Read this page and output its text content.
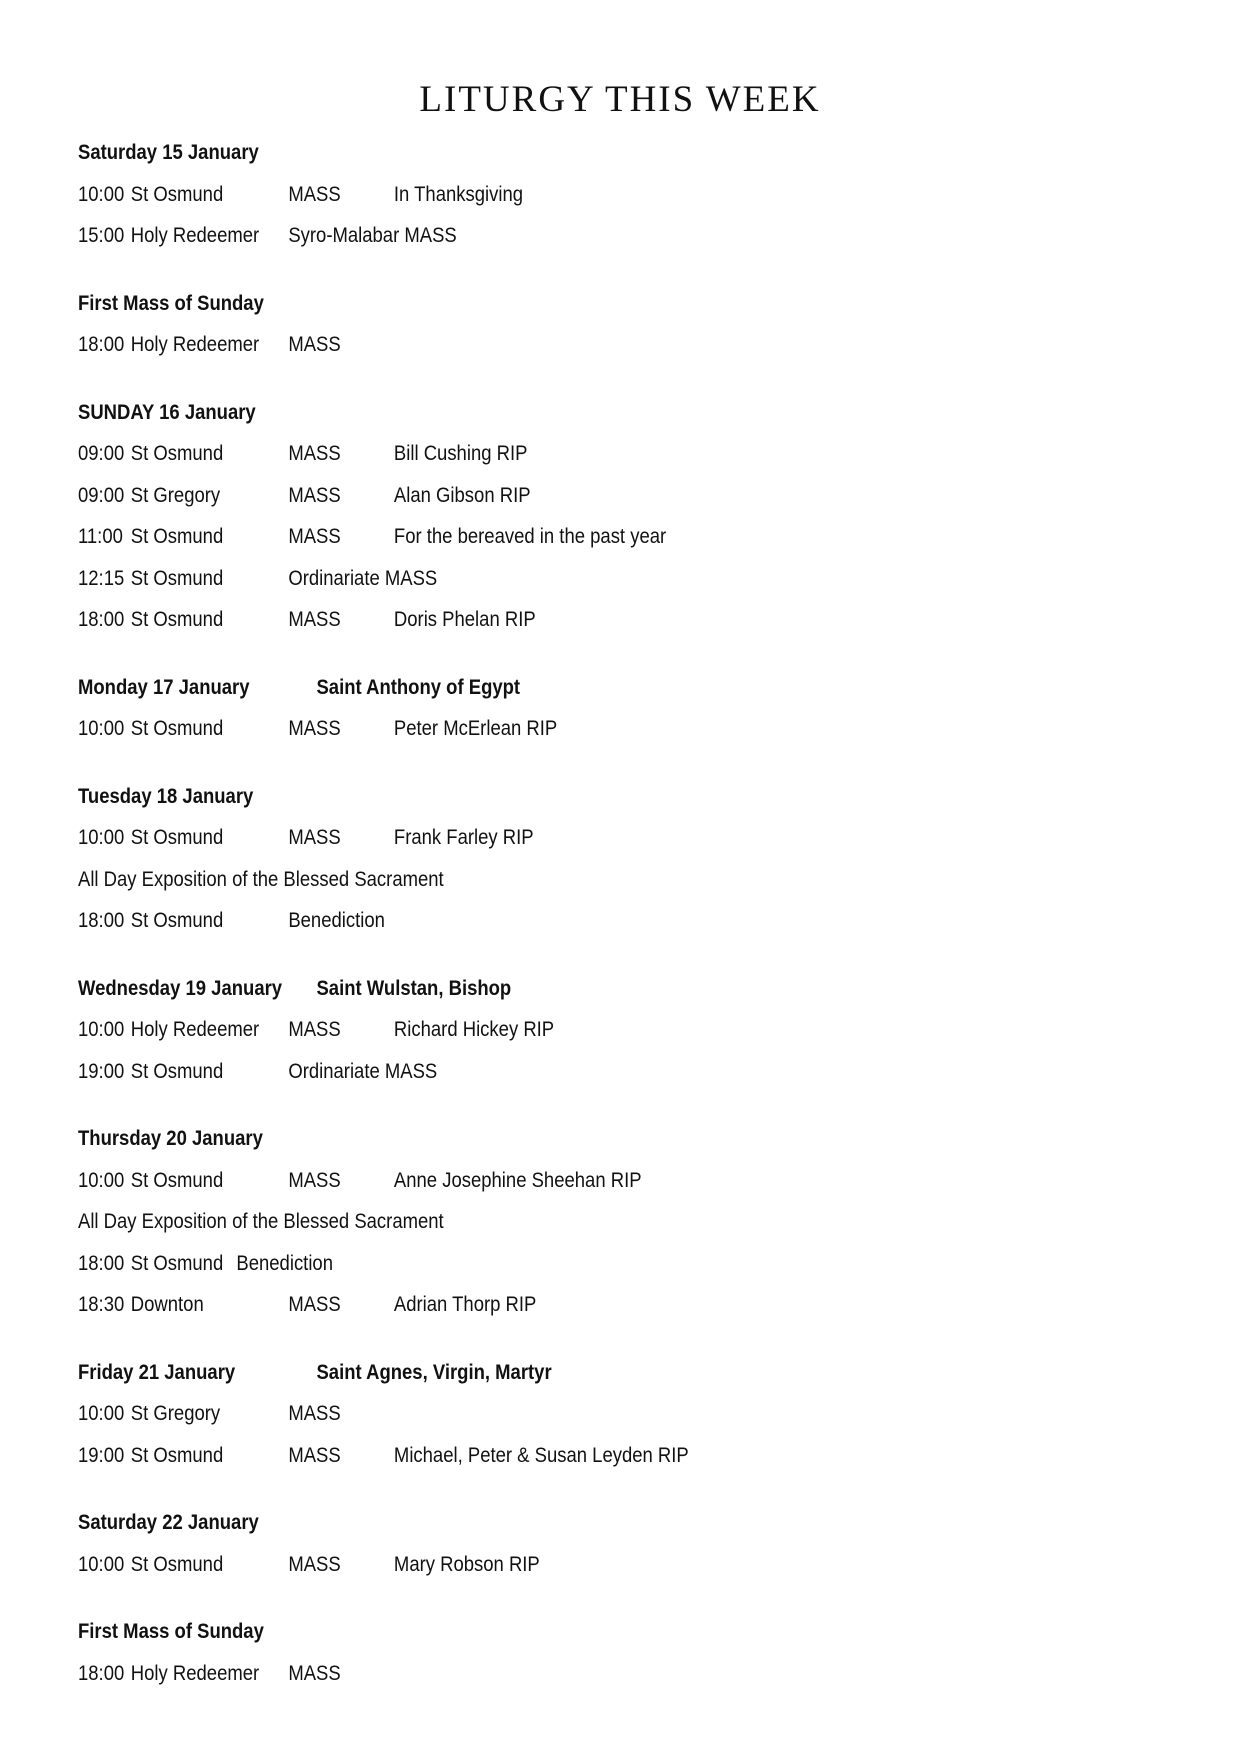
LITURGY THIS WEEK
Saturday 15 January
10:00 St Osmund	MASS	In Thanksgiving
15:00 Holy Redeemer Syro-Malabar MASS
First Mass of Sunday
18:00 Holy Redeemer MASS
SUNDAY 16 January
09:00 St Osmund	MASS	Bill Cushing RIP
09:00 St Gregory	MASS	Alan Gibson RIP
11:00 St Osmund	MASS	For the bereaved in the past year
12:15 St Osmund	Ordinariate MASS
18:00 St Osmund	MASS	Doris Phelan RIP
Monday 17 January	Saint Anthony of Egypt
10:00 St Osmund	MASS	Peter McErlean RIP
Tuesday 18 January
10:00 St Osmund	MASS	Frank Farley RIP
All Day Exposition of the Blessed Sacrament
18:00 St Osmund	Benediction
Wednesday 19 January Saint Wulstan, Bishop
10:00 Holy Redeemer MASS	Richard Hickey RIP
19:00 St Osmund	Ordinariate MASS
Thursday 20 January
10:00 St Osmund	MASS	Anne Josephine Sheehan RIP
All Day Exposition of the Blessed Sacrament
18:00 St Osmund Benediction
18:30 Downton	MASS	Adrian Thorp RIP
Friday 21 January	Saint Agnes, Virgin, Martyr
10:00 St Gregory	MASS
19:00 St Osmund	MASS	Michael, Peter & Susan Leyden RIP
Saturday 22 January
10:00 St Osmund	MASS	Mary Robson RIP
First Mass of Sunday
18:00 Holy Redeemer MASS
